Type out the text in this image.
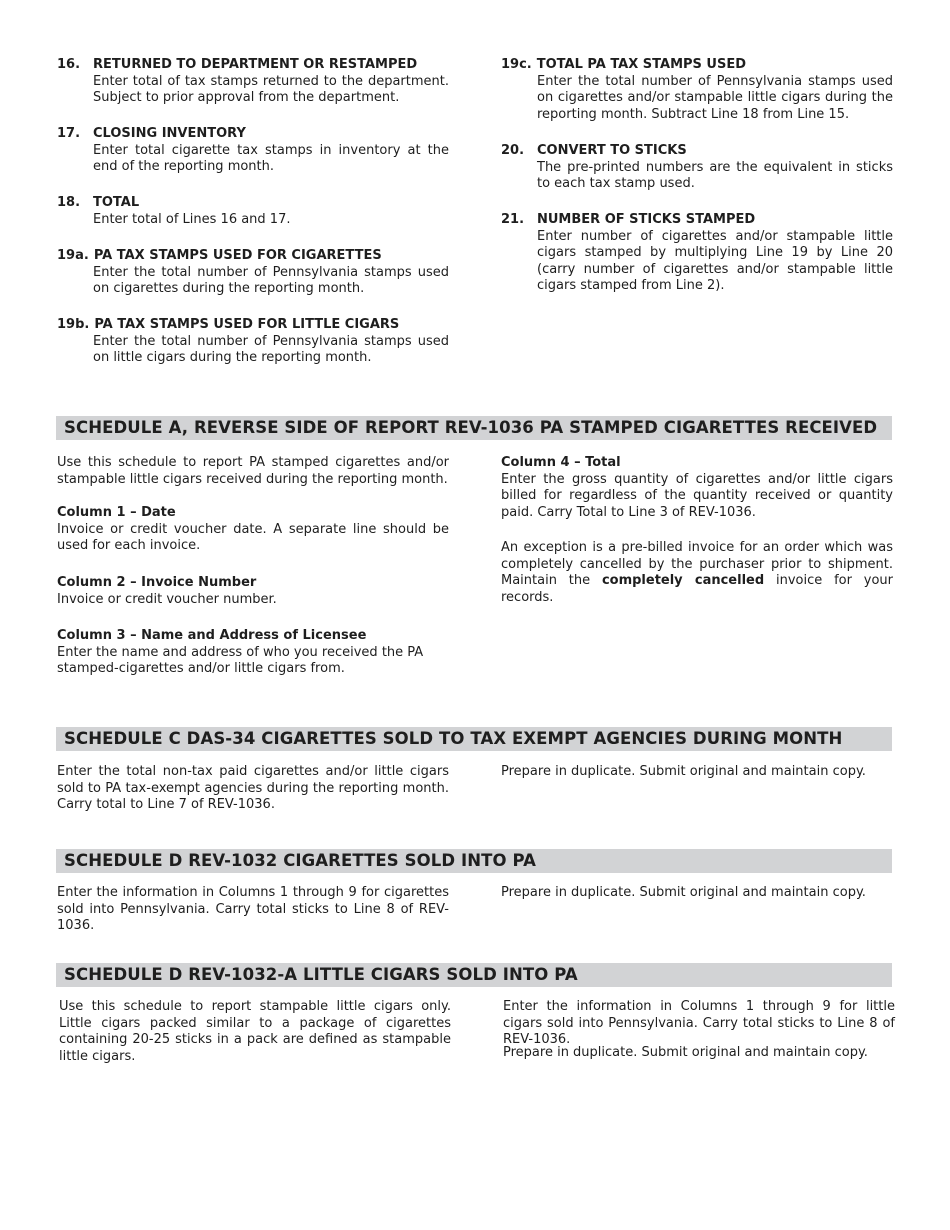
16. RETURNED TO DEPARTMENT OR RESTAMPED
Enter total of tax stamps returned to the department. Subject to prior approval from the department.
17. CLOSING INVENTORY
Enter total cigarette tax stamps in inventory at the end of the reporting month.
18. TOTAL
Enter total of Lines 16 and 17.
19a. PA TAX STAMPS USED FOR CIGARETTES
Enter the total number of Pennsylvania stamps used on cigarettes during the reporting month.
19b. PA TAX STAMPS USED FOR LITTLE CIGARS
Enter the total number of Pennsylvania stamps used on little cigars during the reporting month.
19c. TOTAL PA TAX STAMPS USED
Enter the total number of Pennsylvania stamps used on cigarettes and/or stampable little cigars during the reporting month. Subtract Line 18 from Line 15.
20. CONVERT TO STICKS
The pre-printed numbers are the equivalent in sticks to each tax stamp used.
21. NUMBER OF STICKS STAMPED
Enter number of cigarettes and/or stampable little cigars stamped by multiplying Line 19 by Line 20 (carry number of cigarettes and/or stampable little cigars stamped from Line 2).
SCHEDULE A, REVERSE SIDE OF REPORT REV-1036 PA STAMPED CIGARETTES RECEIVED
Use this schedule to report PA stamped cigarettes and/or stampable little cigars received during the reporting month.
Column 1 – Date
Invoice or credit voucher date. A separate line should be used for each invoice.
Column 2 – Invoice Number
Invoice or credit voucher number.
Column 3 – Name and Address of Licensee
Enter the name and address of who you received the PA stamped-cigarettes and/or little cigars from.
Column 4 – Total
Enter the gross quantity of cigarettes and/or little cigars billed for regardless of the quantity received or quantity paid. Carry Total to Line 3 of REV-1036.
An exception is a pre-billed invoice for an order which was completely cancelled by the purchaser prior to shipment. Maintain the completely cancelled invoice for your records.
SCHEDULE C DAS-34 CIGARETTES SOLD TO TAX EXEMPT AGENCIES DURING MONTH
Enter the total non-tax paid cigarettes and/or little cigars sold to PA tax-exempt agencies during the reporting month. Carry total to Line 7 of REV-1036.
Prepare in duplicate. Submit original and maintain copy.
SCHEDULE D REV-1032 CIGARETTES SOLD INTO PA
Enter the information in Columns 1 through 9 for cigarettes sold into Pennsylvania. Carry total sticks to Line 8 of REV-1036.
Prepare in duplicate. Submit original and maintain copy.
SCHEDULE D REV-1032-A LITTLE CIGARS SOLD INTO PA
Use this schedule to report stampable little cigars only. Little cigars packed similar to a package of cigarettes containing 20-25 sticks in a pack are defined as stampable little cigars.
Enter the information in Columns 1 through 9 for little cigars sold into Pennsylvania. Carry total sticks to Line 8 of REV-1036.
Prepare in duplicate. Submit original and maintain copy.
